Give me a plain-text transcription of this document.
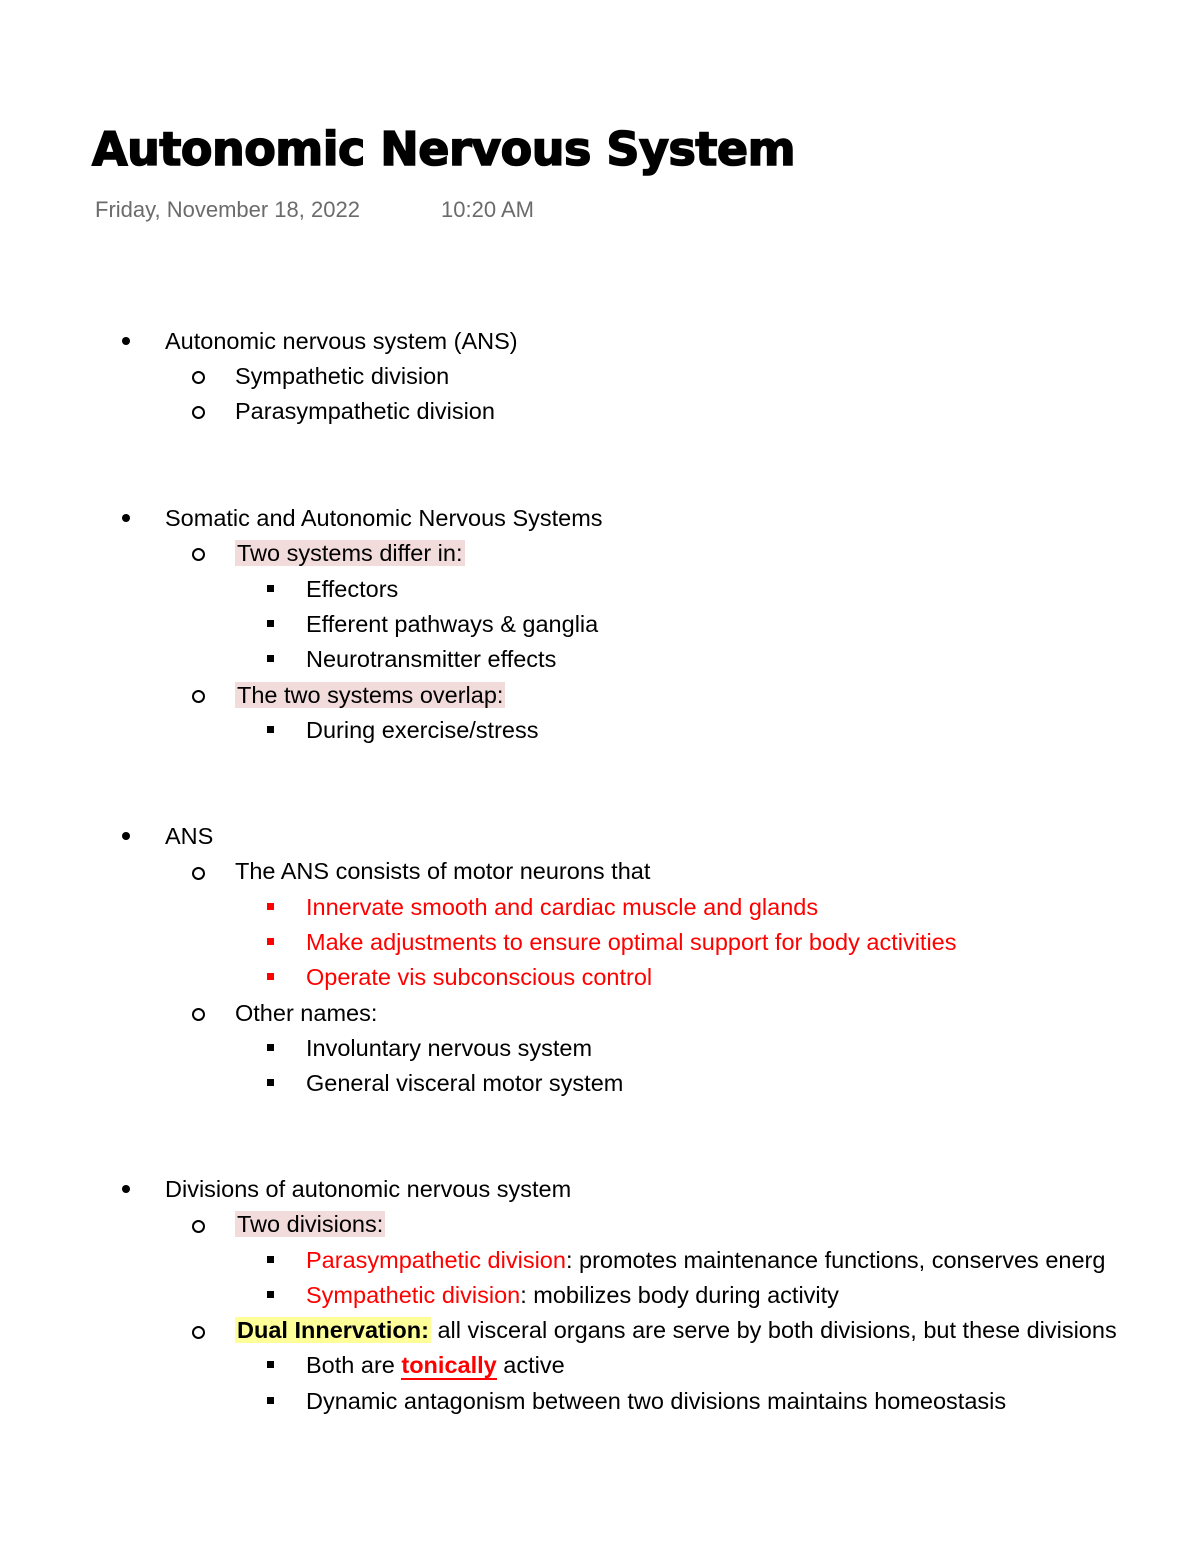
Autonomic Nervous System
Friday, November 18, 2022	10:20 AM
Autonomic nervous system (ANS)
Sympathetic division
Parasympathetic division
Somatic and Autonomic Nervous Systems
Two systems differ in:
Effectors
Efferent pathways & ganglia
Neurotransmitter effects
The two systems overlap:
During exercise/stress
ANS
The ANS consists of motor neurons that
Innervate smooth and cardiac muscle and glands
Make adjustments to ensure optimal support for body activities
Operate vis subconscious control
Other names:
Involuntary nervous system
General visceral motor system
Divisions of autonomic nervous system
Two divisions:
Parasympathetic division: promotes maintenance functions, conserves energ
Sympathetic division: mobilizes body during activity
Dual Innervation: all visceral organs are serve by both divisions, but these divisions
Both are tonically active
Dynamic antagonism between two divisions maintains homeostasis
